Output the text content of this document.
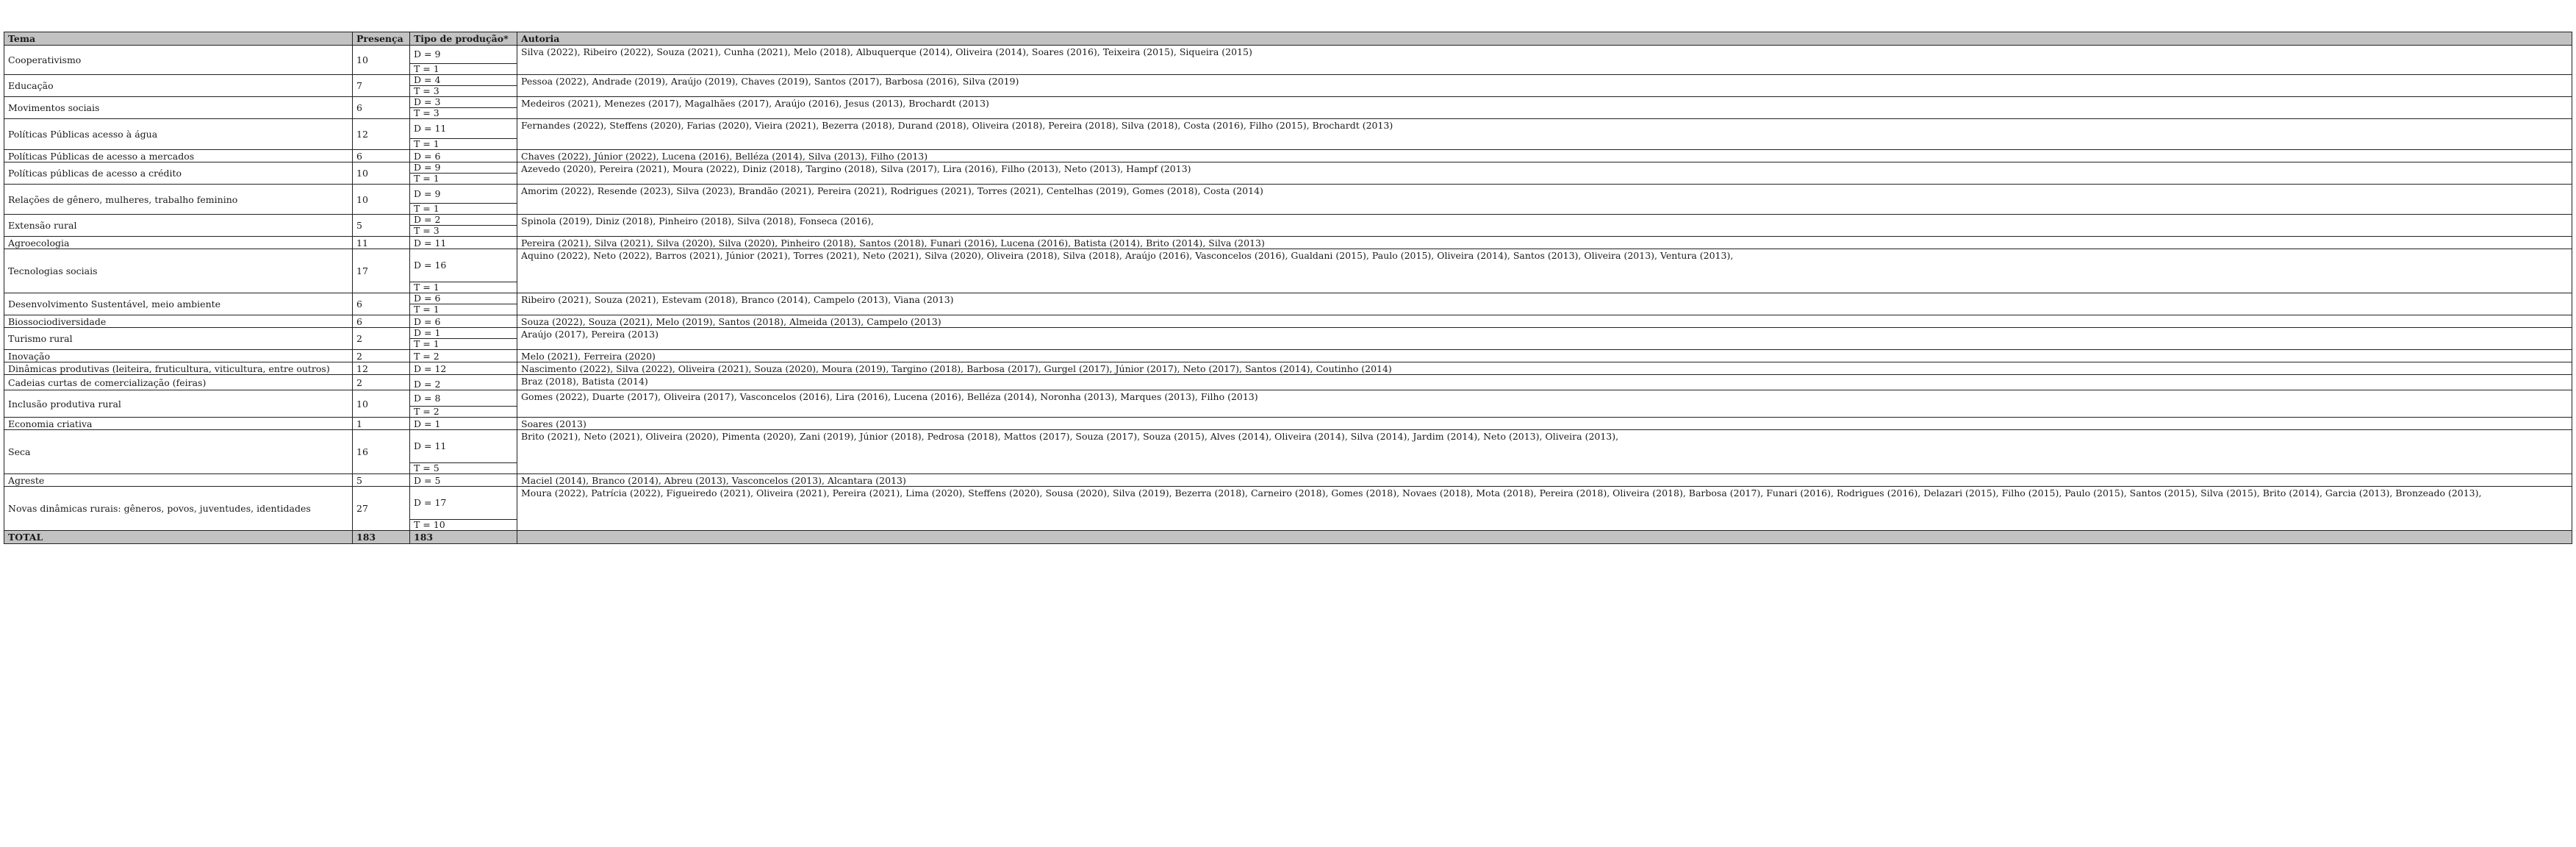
Tema	Presença	Tipo de produção*	Autoria
Cooperativismo	10	D = 9	Silva (2022), Ribeiro (2022), Souza (2021), Cunha (2021), Melo (2018), Albuquerque (2014), Oliveira (2014), Soares (2016), Teixeira (2015), Siqueira (2015)
		T = 1	
Educação	7	D = 4	Pessoa (2022), Andrade (2019), Araújo (2019), Chaves (2019), Santos (2017), Barbosa (2016), Silva (2019)
		T = 3	
Movimentos sociais	6	D = 3	Medeiros (2021), Menezes (2017), Magalhães (2017), Araújo (2016), Jesus (2013), Brochardt (2013)
		T = 3	
Políticas Públicas acesso à água	12	D = 11	Fernandes (2022), Steffens (2020), Farias (2020), Vieira (2021), Bezerra (2018), Durand (2018), Oliveira (2018), Pereira (2018), Silva (2018), Costa (2016), Filho (2015), Brochardt (2013)
		T = 1	
Políticas Públicas de acesso a mercados	6	D = 6	Chaves (2022), Júnior (2022), Lucena (2016), Belléza (2014), Silva (2013), Filho (2013)
Políticas públicas de acesso a crédito	10	D = 9	Azevedo (2020), Pereira (2021), Moura (2022), Diniz (2018), Targino (2018), Silva (2017), Lira (2016), Filho (2013), Neto (2013), Hampf (2013)
		T = 1	
Relações de gênero, mulheres, trabalho feminino	10	D = 9	Amorim (2022), Resende (2023), Silva (2023), Brandão (2021), Pereira (2021), Rodrigues (2021), Torres (2021), Centelhas (2019), Gomes (2018), Costa (2014)
		T = 1	
Extensão rural	5	D = 2	Spinola (2019), Diniz (2018), Pinheiro (2018), Silva (2018), Fonseca (2016),
		T = 3	
Agroecologia	11	D = 11	Pereira (2021), Silva (2021), Silva (2020), Silva (2020), Pinheiro (2018), Santos (2018), Funari (2016), Lucena (2016), Batista (2014), Brito (2014), Silva (2013)
Tecnologias sociais	17	D = 16	Aquino (2022), Neto (2022), Barros (2021), Júnior (2021), Torres (2021), Neto (2021), Silva (2020), Oliveira (2018), Silva (2018), Araújo (2016), Vasconcelos (2016), Gualdani (2015), Paulo (2015), Oliveira (2014), Santos (2013), Oliveira (2013), Ventura (2013),
		T = 1	
Desenvolvimento Sustentável, meio ambiente	6	D = 6	Ribeiro (2021), Souza (2021), Estevam (2018), Branco (2014), Campelo (2013), Viana (2013)
		T = 1	
Biossociodiversidade	6	D = 6	Souza (2022), Souza (2021), Melo (2019), Santos (2018), Almeida (2013), Campelo (2013)
Turismo rural	2	D = 1	Araújo (2017), Pereira (2013)
		T = 1	
Inovação	2	T = 2	Melo (2021), Ferreira (2020)
Dinâmicas produtivas (leiteira, fruticultura, viticultura, entre outros)	12	D = 12	Nascimento (2022), Silva (2022), Oliveira (2021), Souza (2020), Moura (2019), Targino (2018), Barbosa (2017), Gurgel (2017), Júnior (2017), Neto (2017), Santos (2014), Coutinho (2014)
Cadeias curtas de comercialização (feiras)	2	D = 2	Braz (2018), Batista (2014)
Inclusão produtiva rural	10	D = 8	Gomes (2022), Duarte (2017), Oliveira (2017), Vasconcelos (2016), Lira (2016), Lucena (2016), Belléza (2014), Noronha (2013), Marques (2013), Filho (2013)
		T = 2	
Economia criativa	1	D = 1	Soares (2013)
Seca	16	D = 11	Brito (2021), Neto (2021), Oliveira (2020), Pimenta (2020), Zani (2019), Júnior (2018), Pedrosa (2018), Mattos (2017), Souza (2017), Souza (2015), Alves (2014), Oliveira (2014), Silva (2014), Jardim (2014), Neto (2013), Oliveira (2013),
		T = 5	
Agreste	5	D = 5	Maciel (2014), Branco (2014), Abreu (2013), Vasconcelos (2013), Alcantara (2013)
Novas dinâmicas rurais: gêneros, povos, juventudes, identidades	27	D = 17	Moura (2022), Patrícia (2022), Figueiredo (2021), Oliveira (2021), Pereira (2021), Lima (2020), Steffens (2020), Sousa (2020), Silva (2019), Bezerra (2018), Carneiro (2018), Gomes (2018), Novaes (2018), Mota (2018), Pereira (2018), Oliveira (2018), Barbosa (2017), Funari (2016), Rodrigues (2016), Delazari (2015), Filho (2015), Paulo (2015), Santos (2015), Silva (2015), Brito (2014), Garcia (2013), Bronzeado (2013),
		T = 10	
TOTAL	183	183	
